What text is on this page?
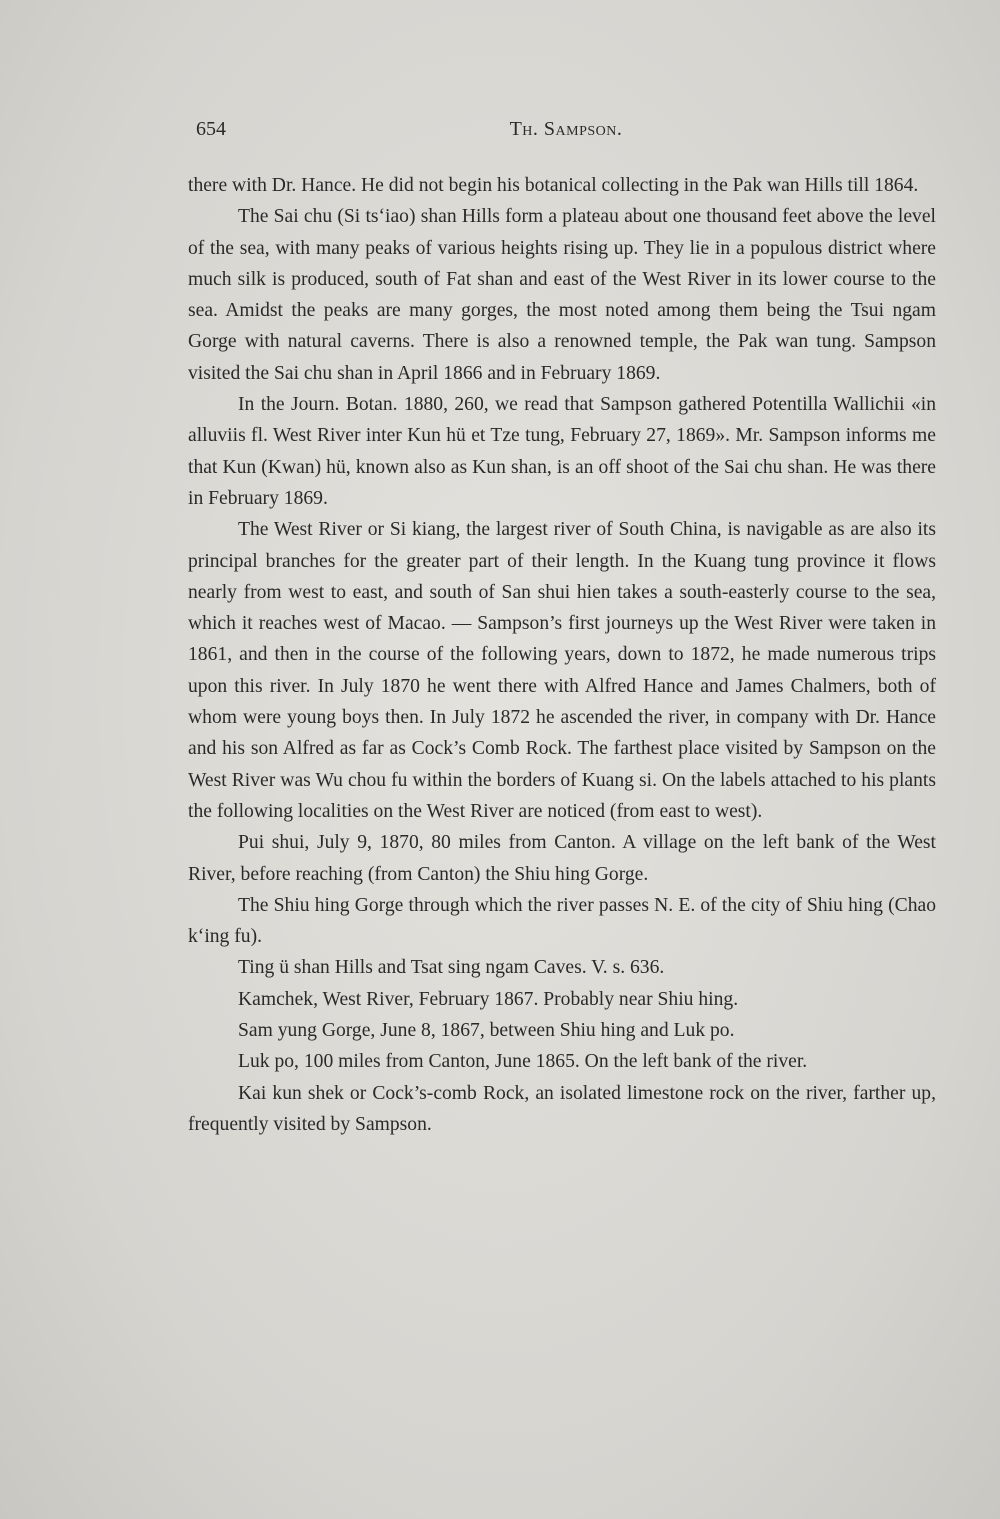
654	Th. Sampson.

there with Dr. Hance. He did not begin his botanical collecting in the Pak wan Hills till 1864.

The Sai chu (Si ts‘iao) shan Hills form a plateau about one thousand feet above the level of the sea, with many peaks of various heights rising up. They lie in a populous district where much silk is produced, south of Fat shan and east of the West River in its lower course to the sea. Amidst the peaks are many gorges, the most noted among them being the Tsui ngam Gorge with natural caverns. There is also a renowned temple, the Pak wan tung. Sampson visited the Sai chu shan in April 1866 and in February 1869.

In the Journ. Botan. 1880, 260, we read that Sampson gathered Potentilla Wallichii «in alluviis fl. West River inter Kun hü et Tze tung, February 27, 1869». Mr. Sampson informs me that Kun (Kwan) hü, known also as Kun shan, is an off shoot of the Sai chu shan. He was there in February 1869.

The West River or Si kiang, the largest river of South China, is navigable as are also its principal branches for the greater part of their length. In the Kuang tung province it flows nearly from west to east, and south of San shui hien takes a south-easterly course to the sea, which it reaches west of Macao. — Sampson’s first journeys up the West River were taken in 1861, and then in the course of the following years, down to 1872, he made numerous trips upon this river. In July 1870 he went there with Alfred Hance and James Chalmers, both of whom were young boys then. In July 1872 he ascended the river, in company with Dr. Hance and his son Alfred as far as Cock’s Comb Rock. The farthest place visited by Sampson on the West River was Wu chou fu within the borders of Kuang si. On the labels attached to his plants the following localities on the West River are noticed (from east to west).

Pui shui, July 9, 1870, 80 miles from Canton. A village on the left bank of the West River, before reaching (from Canton) the Shiu hing Gorge.

The Shiu hing Gorge through which the river passes N. E. of the city of Shiu hing (Chao k‘ing fu).

Ting ü shan Hills and Tsat sing ngam Caves. V. s. 636.

Kamchek, West River, February 1867. Probably near Shiu hing.

Sam yung Gorge, June 8, 1867, between Shiu hing and Luk po.

Luk po, 100 miles from Canton, June 1865. On the left bank of the river.

Kai kun shek or Cock’s-comb Rock, an isolated limestone rock on the river, farther up, frequently visited by Sampson.
